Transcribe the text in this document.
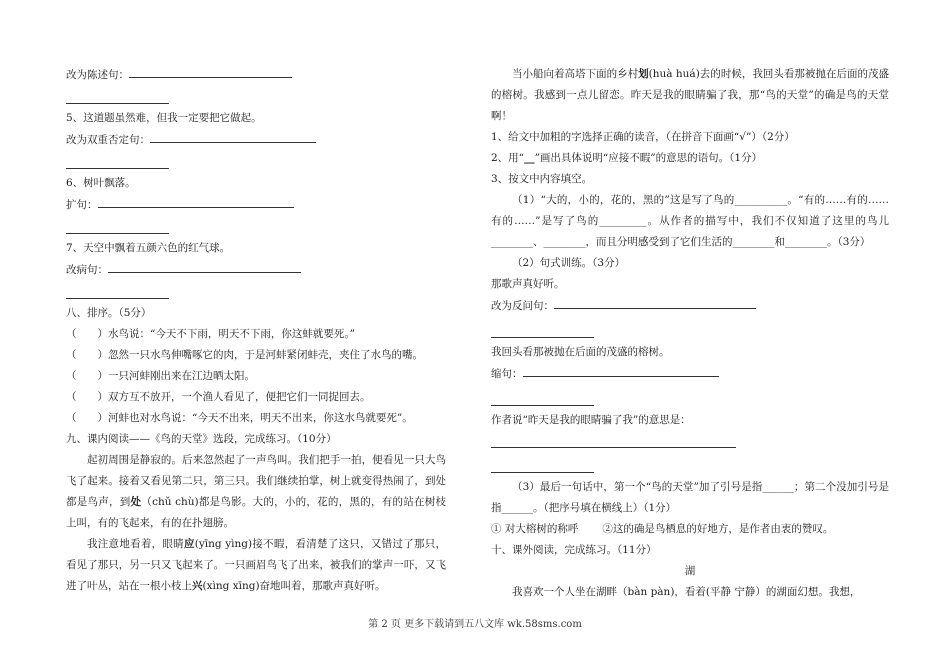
改为陈述句：
5、这道题虽然难，但我一定要把它做起。
改为双重否定句：
6、树叶飘落。
扩句：
7、天空中飘着五颜六色的红气球。
改病句：
八、排序。（5分）
（　　）水鸟说：“今天不下雨，明天不下雨，你这蚌就要死。”
（　　）忽然一只水鸟伸嘴啄它的肉，于是河蚌紧闭蚌壳，夹住了水鸟的嘴。
（　　）一只河蚌刚出来在江边晒太阳。
（　　）双方互不放开，一个渔人看见了，便把它们一同捉回去。
（　　）河蚌也对水鸟说：“今天不出来，明天不出来，你这水鸟就要死”。
九、课内阅读——《鸟的天堂》选段，完成练习。（10分）
起初周围是静寂的。后来忽然起了一声鸟叫。我们把手一拍，便看见一只大鸟飞了起来。接着又看见第二只，第三只。我们继续拍掌，树上就变得热闹了，到处都是鸟声，到处（chǔ chù)都是鸟影。大的，小的，花的，黑的，有的站在树枝上叫，有的飞起来，有的在扑翅膀。
我注意地看着，眼睛应(yīng yìng)接不暇，看清楚了这只，又错过了那只，看见了那只，另一只又飞起来了。一只画眉鸟飞了出来，被我们的掌声一吓，又飞进了叶丛，站在一根小枝上兴(xìng xīng)奋地叫着，那歌声真好听。
当小船向着高塔下面的乡村划(huà huá)去的时候，我回头看那被抛在后面的茂盛的榕树。我感到一点儿留恋。昨天是我的眼睛骗了我，那“鸟的天堂”的确是鸟的天堂啊！
1、给文中加粗的字选择正确的读音，（在拼音下面画“√”）（2分）
2、用“__”画出具体说明“应接不暇”的意思的语句。（1分）
3、按文中内容填空。
（1）“大的，小的，花的，黑的”这是写了鸟的__________。“有的……有的……有的……”是写了鸟的_________。从作者的描写中，我们不仅知道了这里的鸟儿________、________，而且分明感受到了它们生活的________和________。（3分）
（2）句式训练。（3分）
那歌声真好听。
改为反问句：
我回头看那被抛在后面的茂盛的榕树。
缩句：
作者说“昨天是我的眼睛骗了我”的意思是：
（3）最后一句话中，第一个“鸟的天堂”加了引号是指______；第二个没加引号是指______。（把序号填在横线上）（1分）
① 对大榕树的称呼 ②这的确是鸟栖息的好地方，是作者由衷的赞叹。
十、课外阅读，完成练习。（11分）
湖
我喜欢一个人坐在湖畔（bàn pàn)，看着(平静 宁静）的湖面幻想。我想，
第 2 页 更多下载请到五八文库 wk.58sms.com
